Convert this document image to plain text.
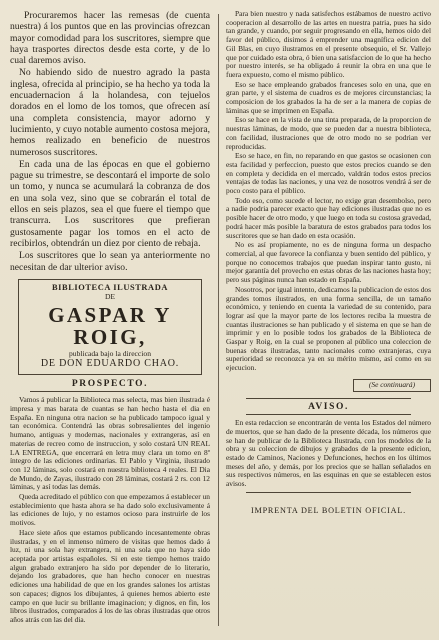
Procuraremos hacer las remesas (de cuenta nuestra) á los puntos que en las provincias ofrezcan mayor comodidad para los suscritores, siempre que haya trasportes directos desde esta corte, y de lo cual daremos aviso.

No habiendo sido de nuestro agrado la pasta inglesa, ofrecida al principio, se ha hecho ya toda la encuadernacion á la holandesa, con tejuelos dorados en el lomo de los tomos, que ofrecen así una completa consistencia, mayor adorno y lucimiento, y cuyo notable aumento costosa mejora, hemos realizado en beneficio de nuestros numerosos suscritores.

En cada una de las épocas en que el gobierno pague su trimestre, se descontará el importe de solo un tomo, y nunca se acumulará la cobranza de dos en una sola vez, sino que se cobrarán el total de ellos en seis plazos, sea el que fuere el tiempo que transcurra. Los suscritores que prefieran gustosamente pagar los tomos en el acto de recibirlos, obtendrán un diez por ciento de rebaja.

Los suscritores que lo sean ya anteriormente no necesitan de dar ulterior aviso.

BIBLIOTECA ILUSTRADA
DE
GASPAR Y ROIG,
publicada bajo la direccion
DE DON EDUARDO CHAO.
PROSPECTO.

Vamos á publicar la Biblioteca mas selecta, mas bien ilustrada é impresa y mas barata de cuantas se han hecho hasta el dia en España. En ninguna otra nacion se ha publicado tampoco igual y tan económica. Contendrá las obras sobresalientes del ingenio humano, antiguas y modernas, nacionales y extrangeras, así en materias de recreo como de instruccion, y solo costará UN REAL LA ENTREGA, que encerrará en letra muy clara un tomo en 8º íntegro de las ediciones ordinarias. El Pablo y Virginia, ilustrado con 12 láminas, solo costará en nuestra biblioteca 4 reales. El Dia de Mundo, de Zayas, ilustrado con 28 láminas, costará 2 rs. con 12 láminas, y así todas las demás.

Queda acreditado el público con que empezamos á establecer un establecimiento que hasta ahora se ha dado solo exclusivamente á las ediciones de lujo, y no estamos ocioso para instruirle de los motivos.

Hace siete años que estamos publicando incesantemente obras ilustradas, y en el inmenso número de visitas que hemos dado á luz, ni una sola hay extrangera, ni una sola que no haya sido aceptada por artistas españoles. Si en este tiempo hemos traido algun grabado extranjero ha sido por depender de lo literario, dejando los grabadores, que han hecho conocer en nuestras ediciones una habilidad de que en los grandes salones los artistas son capaces; dignos los dibujantes, á quienes hemos abierto este campo en que lucir su brillante imaginacion; y dignos, en fin, los libros ilustrados, comparados á los de las obras ilustradas que otros años atrás con las del dia.

Para bien nuestro y nada satisfechos estábamos de nuestro activo cooperacion al desarrollo de las artes en nuestra patria, pues ha sido tan grande, y cuando, por seguir progresando en ella, hemos oido del favor del público, disimos á emprender una magnífica edicion del Gil Blas, en cuyo ilustramos en el presente obsequio, el Sr. Vallejo que por cuidado esta obra, ó bien una satisfaccion de lo que ha hecho por nuestro interés, se ha obligado á reunir la obra en una que le fuera expuesto, como el mismo público.

Eso se hace empleando grabados franceses solo en una, que en gran parte, y el sistema de cuadros es de mejores circunstancias; la composicion de los grabados la ha de ser a la manera de copias de láminas que se imprimen en España.

Eso se hace en la vista de una tinta preparada, de la proporcion de nuestras láminas, de modo, que se pueden dar a nuestra biblioteca, con facilidad, ilustraciones que de otro modo no se podrian ver reproducidas.

Eso se hace, en fin, no reparando en que gastos se ocasionen con esta facilidad y perfeccion, puesto que estos precios cuando se den en completa y decidida en el mercado, valdrán todos estos precios ventajas de todas las naciones, y una vez de nosotros vendrá á ser de poco costo para el público.

Todo eso, como sucede el lector, no exige gran desembolso, pero a nadie podria parecer exacto que hay ediciones ilustradas que no es posible hacer de otro modo, y que luego en toda su costosa gravedad, podrá hacer más posible la baratura de estos grabados para todos los suscritores que se han dado en esta ocasión.

No es así propiamente, no es de ninguna forma un despacho comercial, al que favorece la confianza y buen sentido del público, y porque no conocemos trabajos que puedan inspirar tanto gusto, ni mejor garantía del provecho en estas obras de las naciones hasta hoy; pero sus páginas nunca han estado en España.

Nosotros, por igual intento, dedicamos la publicacion de estos dos grandes tomos ilustrados, en una forma sencilla, de un tamaño económico, y teniendo en cuenta la variedad de su contenido, para lograr así que la mayor parte de los lectores reciba la muestra de cuantas ilustraciones se han publicado y el sistema en que se han de imprimir y en lo posible todos los grabados de la Biblioteca de Gaspar y Roig, en la cual se proponen al público una coleccion de buenas obras ilustradas, tanto nacionales como extranjeras, cuya superioridad se reconozca ya en su mérito mismo, así como en su ejecucion.

(Se continuará)
AVISO.

En esta redaccion se encontrarán de venta los Estados del número de muertos, que se han dado de la presente década, los números que se han de publicar de la Biblioteca Ilustrada, con los modelos de la obra y su coleccion de dibujos y grabados de la presente edicion, estado de Caminos, Naciones y Defunciones, hechos en los últimos meses del año, y demás, por los precios que se hallan señalados en sus respectivos números, en las esquinas en que se establecen estos avisos.

IMPRENTA DEL BOLETIN OFICIAL.
